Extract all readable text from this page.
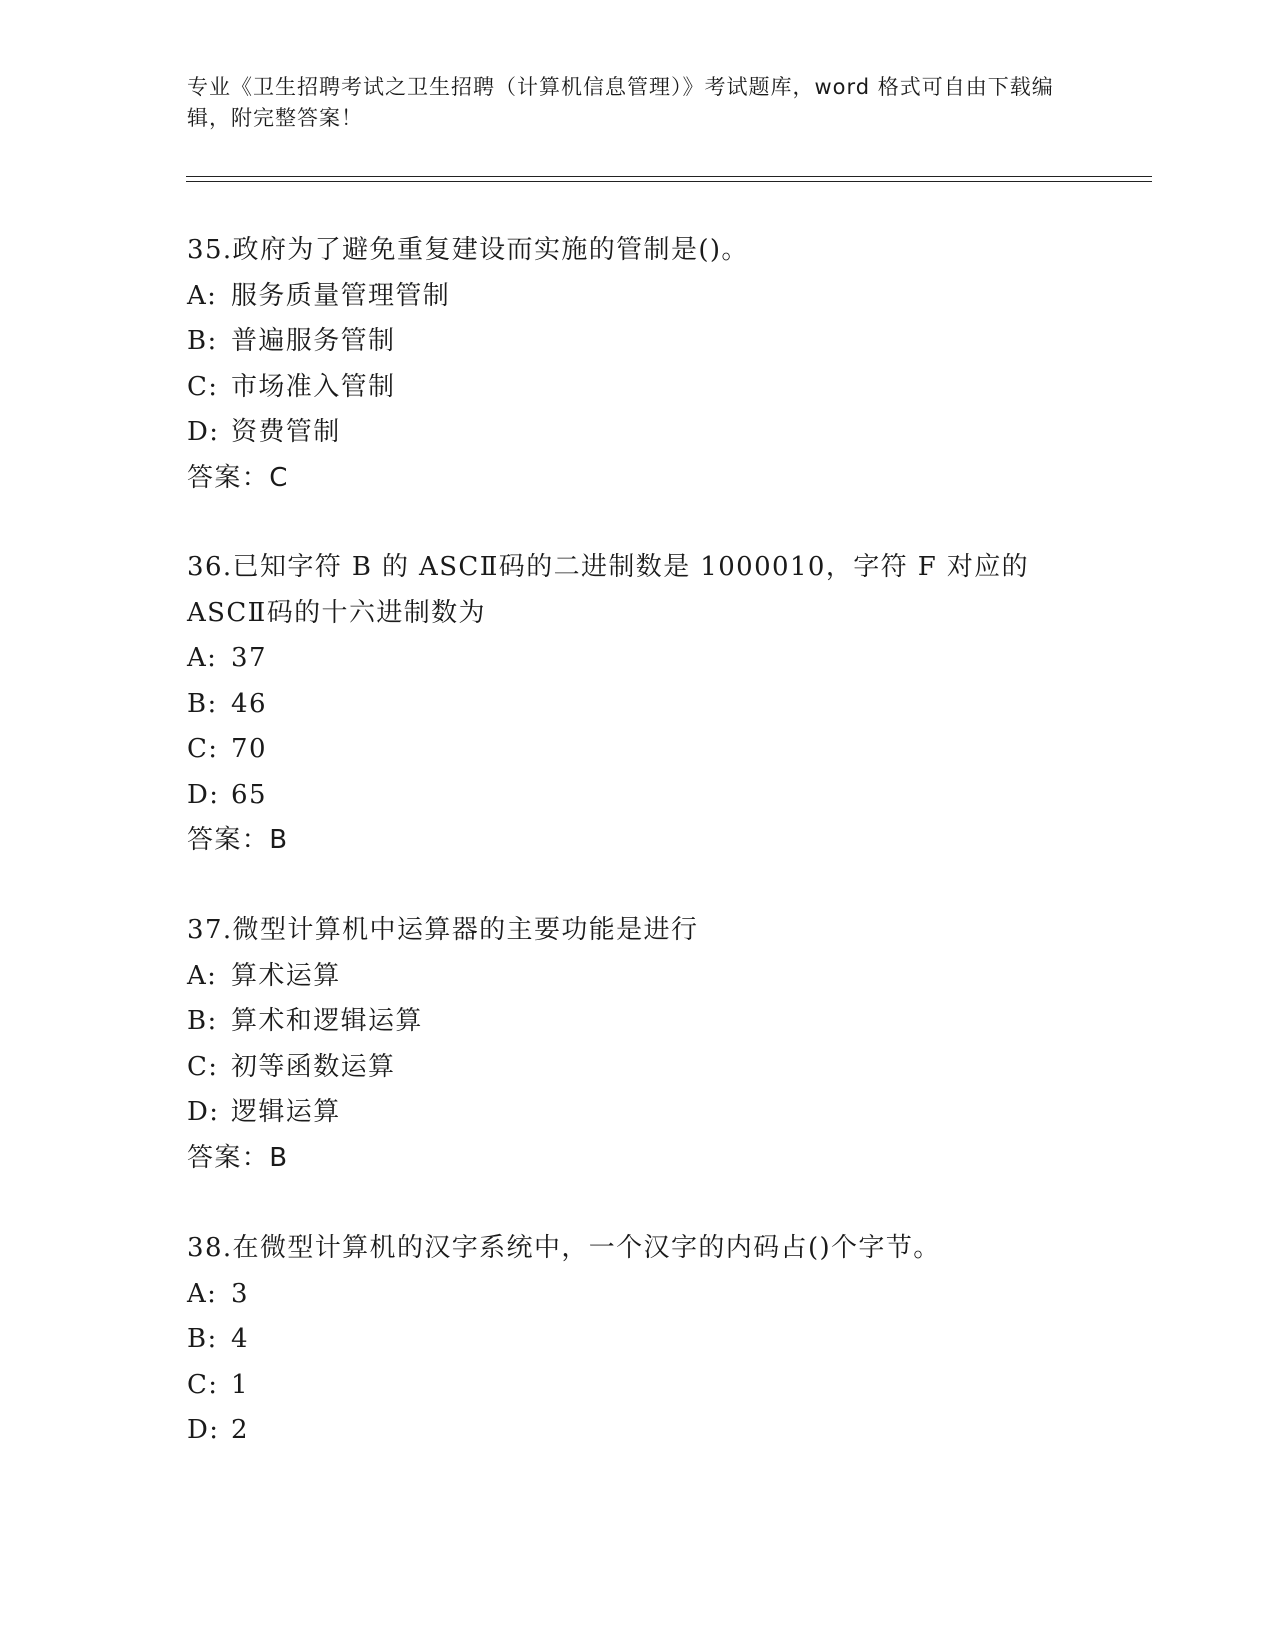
专业《卫生招聘考试之卫生招聘（计算机信息管理）》考试题库，word 格式可自由下载编辑，附完整答案！

35.政府为了避免重复建设而实施的管制是()。

A: 服务质量管理管制

B: 普遍服务管制

C: 市场准入管制

D: 资费管制

答案：C

36.已知字符 B 的 ASCⅡ码的二进制数是 1000010，字符 F 对应的 ASCⅡ码的十六进制数为

A: 37

B: 46

C: 70

D: 65

答案：B

37.微型计算机中运算器的主要功能是进行

A: 算术运算

B: 算术和逻辑运算

C: 初等函数运算

D: 逻辑运算

答案：B

38.在微型计算机的汉字系统中，一个汉字的内码占()个字节。

A: 3

B: 4

C: 1

D: 2
